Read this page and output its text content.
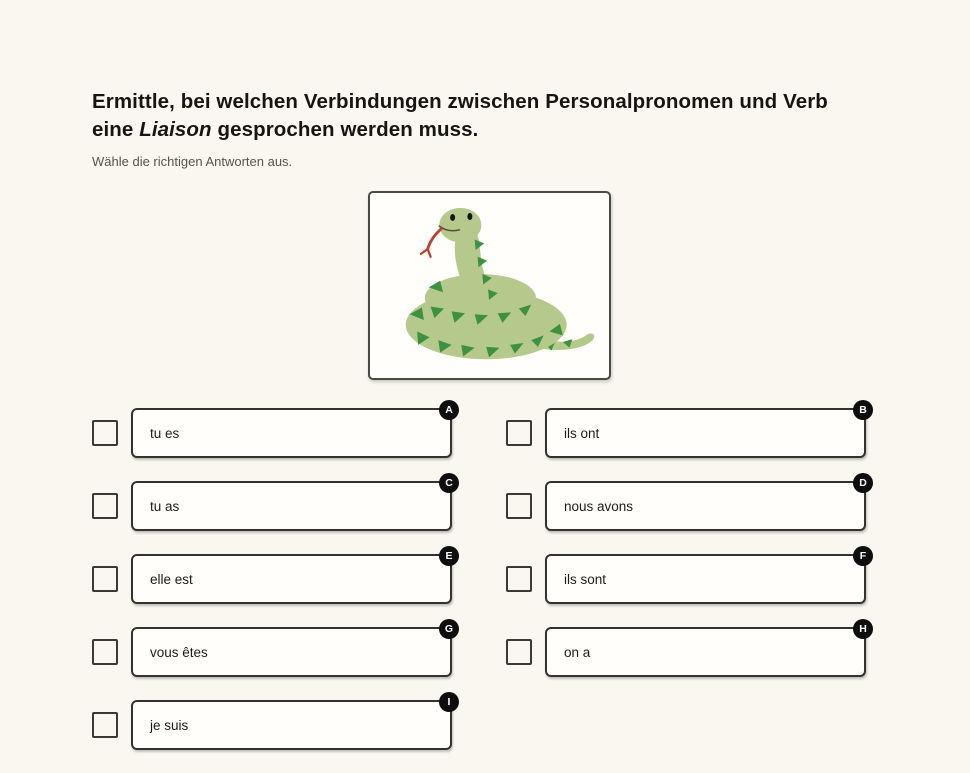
Ermittle, bei welchen Verbindungen zwischen Personalpronomen und Verb eine Liaison gesprochen werden muss.
Wähle die richtigen Antworten aus.
tu es
A
ils ont
B
tu as
C
nous avons
D
elle est
E
ils sont
F
vous êtes
G
on a
H
je suis
I
